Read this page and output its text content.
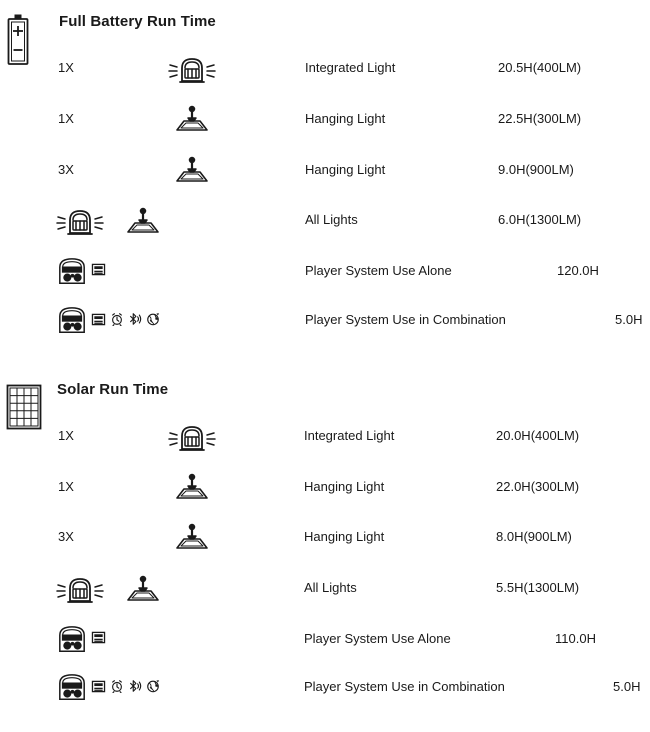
Full Battery Run Time
1X	Integrated Light	20.5H(400LM)
1X	Hanging Light	22.5H(300LM)
3X	Hanging Light	9.0H(900LM)
All Lights	6.0H(1300LM)
Player System Use Alone	120.0H
Player System Use in Combination	5.0H
Solar Run Time
1X	Integrated Light	20.0H(400LM)
1X	Hanging Light	22.0H(300LM)
3X	Hanging Light	8.0H(900LM)
All Lights	5.5H(1300LM)
Player System Use Alone	110.0H
Player System Use in Combination	5.0H
